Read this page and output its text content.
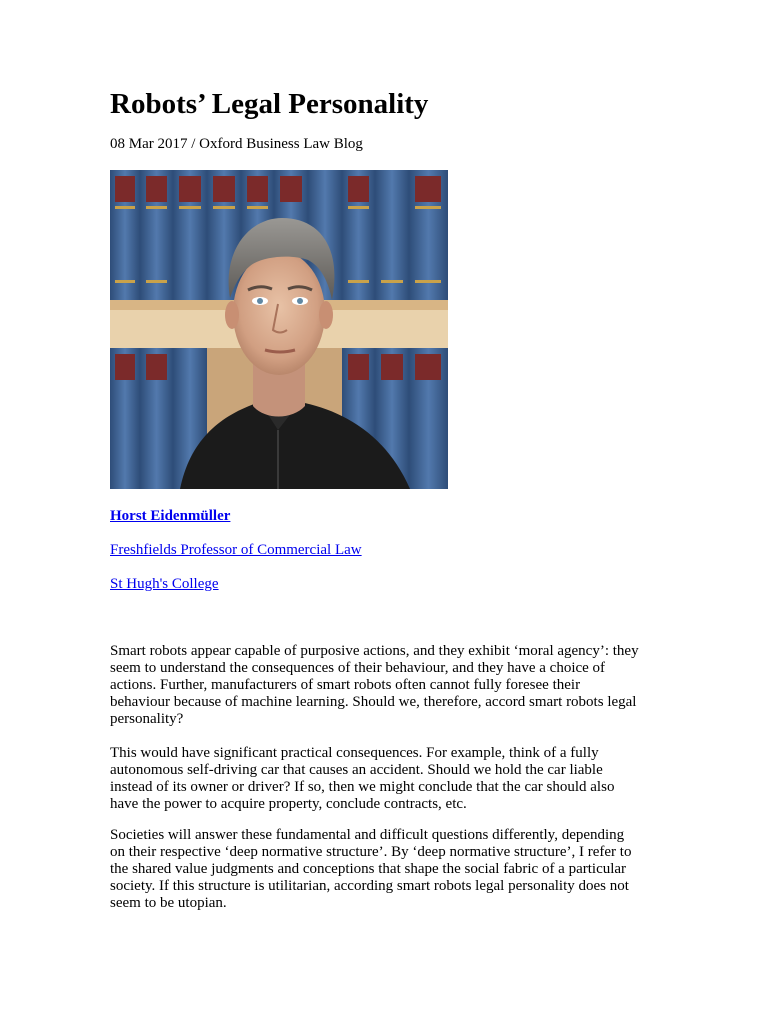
Robots’ Legal Personality
08 Mar 2017 / Oxford Business Law Blog
Horst Eidenmüller
Freshfields Professor of Commercial Law
St Hugh's College

Smart robots appear capable of purposive actions, and they exhibit ‘moral agency’: they
seem to understand the consequences of their behaviour, and they have a choice of
actions. Further, manufacturers of smart robots often cannot fully foresee their
behaviour because of machine learning. Should we, therefore, accord smart robots legal
personality?

This would have significant practical consequences. For example, think of a fully
autonomous self-driving car that causes an accident. Should we hold the car liable
instead of its owner or driver? If so, then we might conclude that the car should also
have the power to acquire property, conclude contracts, etc.

Societies will answer these fundamental and difficult questions differently, depending
on their respective ‘deep normative structure’. By ‘deep normative structure’, I refer to
the shared value judgments and conceptions that shape the social fabric of a particular
society. If this structure is utilitarian, according smart robots legal personality does not
seem to be utopian.
